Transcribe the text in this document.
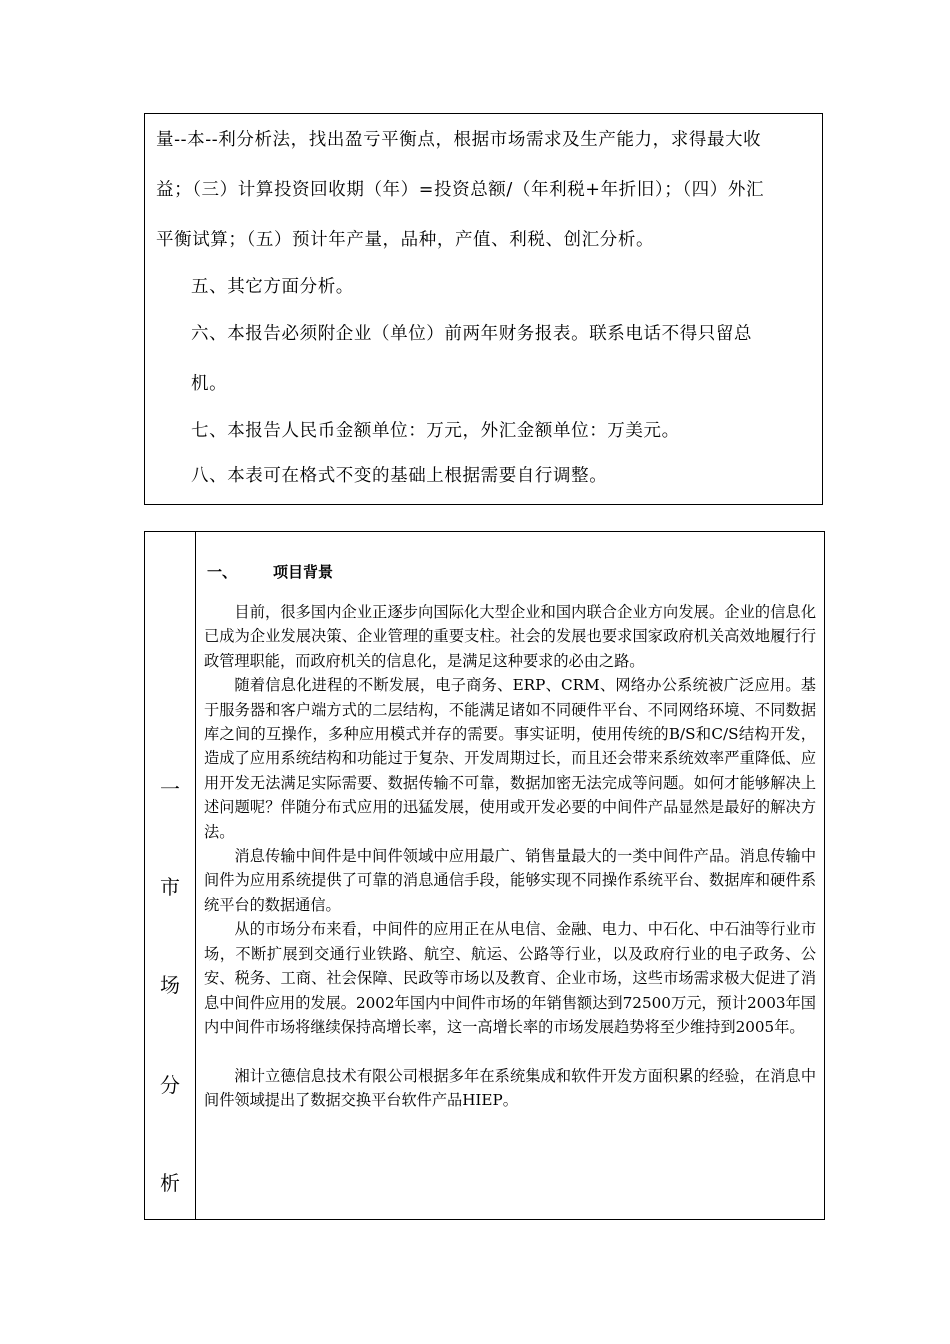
量--本--利分析法，找出盈亏平衡点，根据市场需求及生产能力，求得最大收
益；（三）计算投资回收期（年）=投资总额/（年利税+年折旧）；（四）外汇
平衡试算；（五）预计年产量，品种，产值、利税、创汇分析。
五、其它方面分析。
六、本报告必须附企业（单位）前两年财务报表。联系电话不得只留总
机。
七、本报告人民币金额单位：万元，外汇金额单位：万美元。
八、本表可在格式不变的基础上根据需要自行调整。
一
市
场
分
析
一、 项目背景

目前，很多国内企业正逐步向国际化大型企业和国内联合企业方向发展。企业的信息化已成为企业发展决策、企业管理的重要支柱。社会的发展也要求国家政府机关高效地履行行政管理职能，而政府机关的信息化，是满足这种要求的必由之路。

随着信息化进程的不断发展，电子商务、ERP、CRM、网络办公系统被广泛应用。基于服务器和客户端方式的二层结构，不能满足诸如不同硬件平台、不同网络环境、不同数据库之间的互操作，多种应用模式并存的需要。事实证明，使用传统的B/S和C/S结构开发，造成了应用系统结构和功能过于复杂、开发周期过长，而且还会带来系统效率严重降低、应用开发无法满足实际需要、数据传输不可靠，数据加密无法完成等问题。如何才能够解决上述问题呢？伴随分布式应用的迅猛发展，使用或开发必要的中间件产品显然是最好的解决方法。

消息传输中间件是中间件领域中应用最广、销售量最大的一类中间件产品。消息传输中间件为应用系统提供了可靠的消息通信手段，能够实现不同操作系统平台、数据库和硬件系统平台的数据通信。

从的市场分布来看，中间件的应用正在从电信、金融、电力、中石化、中石油等行业市场，不断扩展到交通行业铁路、航空、航运、公路等行业，以及政府行业的电子政务、公安、税务、工商、社会保障、民政等市场以及教育、企业市场，这些市场需求极大促进了消息中间件应用的发展。2002年国内中间件市场的年销售额达到72500万元，预计2003年国内中间件市场将继续保持高增长率，这一高增长率的市场发展趋势将至少维持到2005年。

湘计立德信息技术有限公司根据多年在系统集成和软件开发方面积累的经验，在消息中间件领域提出了数据交换平台软件产品HIEP。
